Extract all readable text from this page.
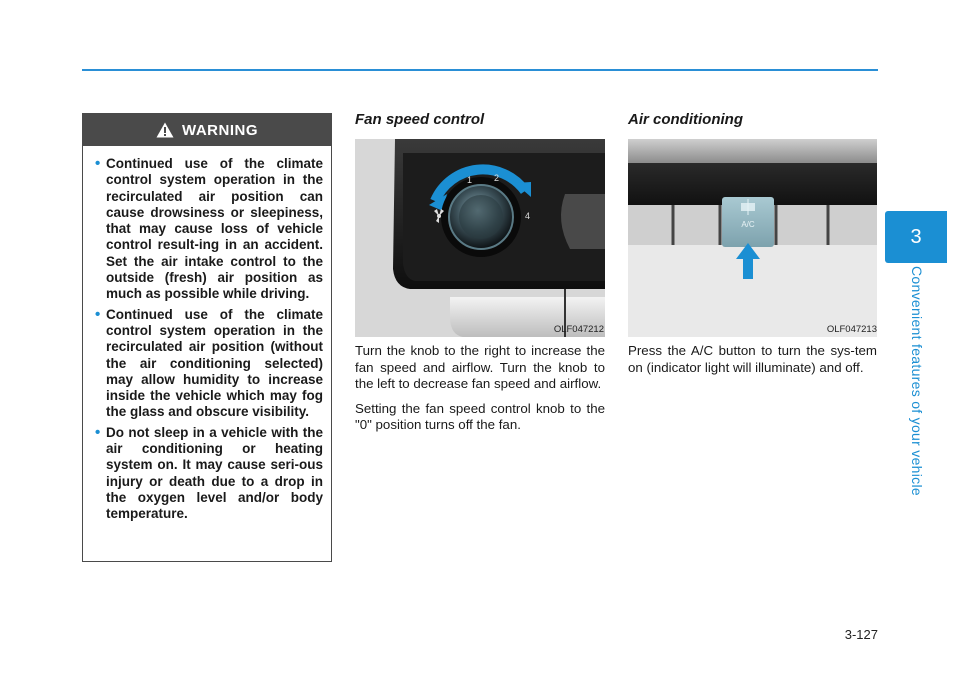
3
Convenient features of your vehicle
WARNING
• Continued use of the climate control system operation in the recirculated air position can cause drowsiness or sleepiness, that may cause loss of vehicle control result-ing in an accident. Set the air intake control to the outside (fresh) air position as much as possible while driving.
• Continued use of the climate control system operation in the recirculated air position (without the air conditioning selected) may allow humidity to increase inside the vehicle which may fog the glass and obscure visibility.
• Do not sleep in a vehicle with the air conditioning or heating system on. It may cause seri-ous injury or death due to a drop in the oxygen level and/or body temperature.
Fan speed control
1 2
4
OLF047212

Turn the knob to the right to increase the fan speed and airflow. Turn the knob to the left to decrease fan speed and airflow.

Setting the fan speed control knob to the "0" position turns off the fan.

Air conditioning
A/C
OLF047213

Press the A/C button to turn the sys-tem on (indicator light will illuminate) and off.

3-127
